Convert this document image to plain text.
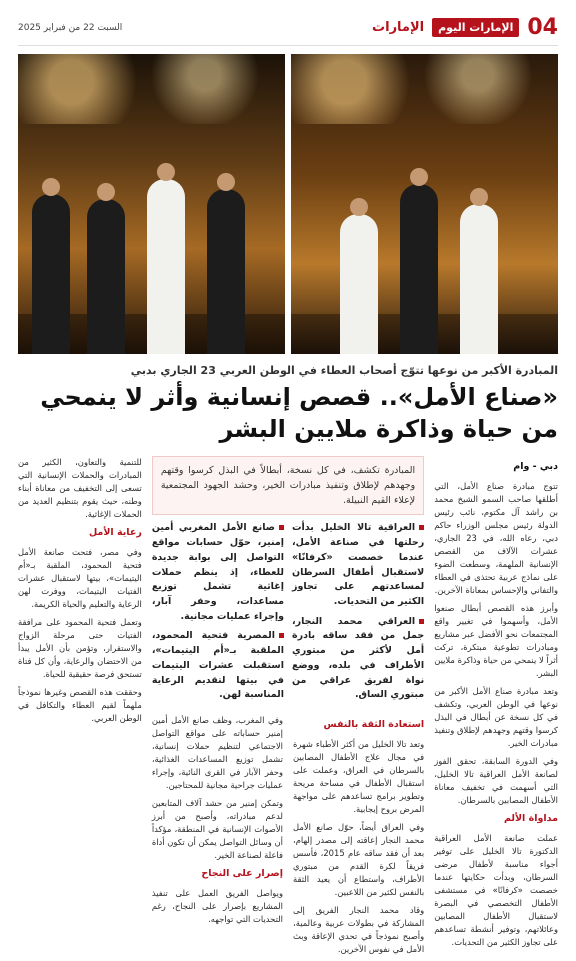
04
الإمارات اليوم
الإمارات
السبت 22 من فبراير 2025
المبادرة الأكبر من نوعها تتوّج أصحاب العطاء في الوطن العربي 23 الجاري بدبي
«صناع الأمل».. قصص إنسانية وأثر لا ينمحي من حياة وذاكرة ملايين البشر

دبي - وام

تتوج مبادرة صناع الأمل، التي أطلقها صاحب السمو الشيخ محمد بن راشد آل مكتوم، نائب رئيس الدولة رئيس مجلس الوزراء حاكم دبي، رعاه الله، في 23 الجاري، عشرات الآلاف من القصص الإنسانية الملهمة، وسطعت الضوء على نماذج عربية تحتذى في العطاء والتفاني والإحساس بمعاناة الآخرين.

وأبرز هذه القصص أبطال صنعوا الأمل، وأسهموا في تغيير واقع المجتمعات نحو الأفضل عبر مشاريع ومبادرات تطوعية مبتكرة، تركت أثراً لا ينمحي من حياة وذاكرة ملايين البشر.

وتعد مبادرة صناع الأمل الأكبر من نوعها في الوطن العربي، وتكشف في كل نسخة عن أبطال في البذل كرسوا وقتهم وجهدهم لإطلاق وتنفيذ مبادرات الخير.

وفي الدورة السابقة، تحقق الفوز لصانعة الأمل العراقية تالا الخليل، التي أسهمت في تخفيف معاناة الأطفال المصابين بالسرطان.

مداواة الألم

عملت صانعة الأمل العراقية الدكتورة تالا الخليل على توفير أجواء مناسبة لأطفال مرضى السرطان، وبدأت حكايتها عندما خصصت «كرفانًا» في مستشفى الأطفال التخصصي في البصرة لاستقبال الأطفال المصابين وعائلاتهم، وتوفير أنشطة تساعدهم على تجاوز الكثير من التحديات.

المبادرة تكشف، في كل نسخة، أبطالاً في البذل كرسوا وقتهم وجهدهم لإطلاق وتنفيذ مبادرات الخير، وحشد الجهود المجتمعية لإعلاء القيم النبيلة.

العراقية تالا الخليل بدأت رحلتها في صناعة الأمل، عندما خصصت «كرفانًا» لاستقبال أطفال السرطان لمساعدتهم على تجاوز الكثير من التحديات.

العراقي محمد النجار، جمل من فقد ساقه بادرة أمل لأكثر من مبتوري الأطراف في بلده، ووضع نواة لفريق عراقي من مبتوري الساق.

صانع الأمل المغربي أمين إمنير، حوّل حسابات مواقع التواصل إلى بوابة جديدة للعطاء، إذ ينظم حملات إغاثية تشمل توزيع مساعدات، وحفر آبار، وإجراء عمليات مجانية.

المصرية فتحية المحمود، الملقبة بـ«أم اليتيمات»، استقبلت عشرات اليتيمات في بيتها لتقديم الرعاية المناسبة لهن.

استعادة الثقة بالنفس

وتعد تالا الخليل من أكثر الأطباء شهرة في مجال علاج الأطفال المصابين بالسرطان في العراق، وعملت على استقبال الأطفال في مساحة مريحة وتطوير برامج تساعدهم على مواجهة المرض بروح إيجابية.

وفي العراق أيضاً، حوّل صانع الأمل محمد النجار إعاقته إلى مصدر إلهام، بعد أن فقد ساقه عام 2015، فأسس فريقاً لكرة القدم من مبتوري الأطراف، واستطاع أن يعيد الثقة بالنفس لكثير من اللاعبين.

وقاد محمد النجار الفريق إلى المشاركة في بطولات عربية وعالمية، وأصبح نموذجاً في تحدي الإعاقة وبث الأمل في نفوس الآخرين.

وفي المغرب، وظف صانع الأمل أمين إمنير حساباته على مواقع التواصل الاجتماعي لتنظيم حملات إنسانية، تشمل توزيع المساعدات الغذائية، وحفر الآبار في القرى النائية، وإجراء عمليات جراحية مجانية للمحتاجين.

وتمكن إمنير من حشد آلاف المتابعين لدعم مبادراته، وأصبح من أبرز الأصوات الإنسانية في المنطقة، مؤكداً أن وسائل التواصل يمكن أن تكون أداة فاعلة لصناعة الخير.

إصرار على النجاح

ويواصل الفريق العمل على تنفيذ المشاريع بإصرار على النجاح، رغم التحديات التي تواجهه.

للتنمية والتعاون، الكثير من المبادرات والحملات الإنسانية التي تسعى إلى التخفيف من معاناة أبناء وطنه، حيث يقوم بتنظيم العديد من الحملات الإغاثية.

رعاية الأمل

وفي مصر، فتحت صانعة الأمل فتحية المحمود، الملقبة بـ«أم اليتيمات»، بيتها لاستقبال عشرات الفتيات اليتيمات، ووفرت لهن الرعاية والتعليم والحياة الكريمة.

وتعمل فتحية المحمود على مرافقة الفتيات حتى مرحلة الزواج والاستقرار، وتؤمن بأن الأمل يبدأ من الاحتضان والرعاية، وأن كل فتاة تستحق فرصة حقيقية للحياة.

وحققت هذه القصص وغيرها نموذجاً ملهماً لقيم العطاء والتكافل في الوطن العربي.
